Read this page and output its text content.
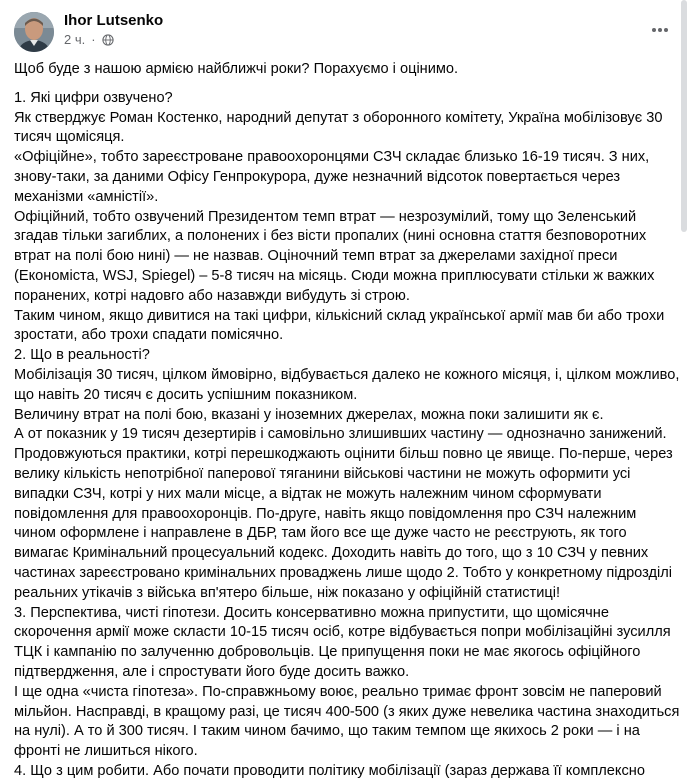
Ihor Lutsenko
2 ч. ·

Щоб буде з нашою армією найближчі роки? Порахуємо і оцінимо.

1. Які цифри озвучено?

Як стверджує Роман Костенко, народний депутат з оборонного комітету, Україна мобілізовує 30 тисяч щомісяця.

«Офіційне», тобто зареєстроване правоохоронцями СЗЧ складає близько 16-19 тисяч. З них, знову-таки, за даними Офісу Генпрокурора, дуже незначний відсоток повертається через механізми «амністії».

Офіційний, тобто озвучений Президентом темп втрат — незрозумілий, тому що Зеленський згадав тільки загиблих, а полонених і без вісти пропалих (нині основна стаття безповоротних втрат на полі бою нині) — не назвав. Оціночний темп втрат за джерелами західної преси (Економіста, WSJ, Spiegel) – 5-8 тисяч на місяць. Сюди можна приплюсувати стільки ж важких поранених, котрі надовго або назавжди вибудуть зі строю.

Таким чином, якщо дивитися на такі цифри, кількісний склад української армії мав би або трохи зростати, або трохи спадати помісячно.

2. Що в реальності?

Мобілізація 30 тисяч, цілком ймовірно, відбувається далеко не кожного місяця, і, цілком можливо, що навіть 20 тисяч є досить успішним показником.

Величину втрат на полі бою, вказані у іноземних джерелах, можна поки залишити як є.

А от показник у 19 тисяч дезертирів і самовільно злишивших частину — однозначно занижений. Продовжуються практики, котрі перешкоджають оцінити більш повно це явище. По-перше, через велику кількість непотрібної паперової тяганини військові частини не можуть оформити усі випадки СЗЧ, котрі у них мали місце, а відтак не можуть належним чином сформувати повідомлення для правоохоронців. По-друге, навіть якщо повідомлення про СЗЧ належним чином оформлене і направлене в ДБР, там його все ще дуже часто не реєструють, як того вимагає Кримінальний процесуальний кодекс. Доходить навіть до того, що з 10 СЗЧ у певних частинах зареєстровано кримінальних проваджень лише щодо 2. Тобто у конкретному підрозділі реальних утікачів з війська вп'ятеро більше, ніж показано у офіційній статистиці!

3. Перспектива, чисті гіпотези. Досить консервативно можна припустити, що щомісячне скорочення армії може скласти 10-15 тисяч осіб, котре відбувається попри мобілізаційні зусилля ТЦК і кампанію по залученню добровольців. Це припущення поки не має якогось офіційного підтвердження, але і спростувати його буде досить важко.

І ще одна «чиста гіпотеза». По-справжньому воює, реально тримає фронт зовсім не паперовий мільйон. Насправді, в кращому разі, це тисяч 400-500 (з яких дуже невелика частина знаходиться на нулі). А то й 300 тисяч. І таким чином бачимо, що таким темпом ще якихось 2 роки — і на фронті не лишиться нікого.

4. Що з цим робити. Або почати проводити політику мобілізації (зараз держава її комплексно
